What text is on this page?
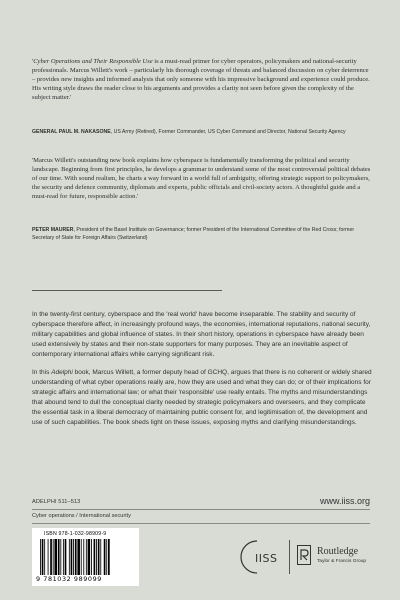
'Cyber Operations and Their Responsible Use is a must-read primer for cyber operators, policymakers and national-security professionals. Marcus Willett's work – particularly his thorough coverage of threats and balanced discussion on cyber deterrence – provides new insights and informed analysis that only someone with his impressive background and experience could produce. His writing style draws the reader close to his arguments and provides a clarity not seen before given the complexity of the subject matter.'

GENERAL PAUL M. NAKASONE, US Army (Retired), Former Commander, US Cyber Command and Director, National Security Agency

'Marcus Willett's outstanding new book explains how cyberspace is fundamentally transforming the political and security landscape. Beginning from first principles, he develops a grammar to understand some of the most controversial political debates of our time. With sound realism, he charts a way forward in a world full of ambiguity, offering strategic support to policymakers, the security and defence community, diplomats and experts, public officials and civil-society actors. A thoughtful guide and a must-read for future, responsible action.'

PETER MAURER, President of the Basel Institute on Governance; former President of the International Committee of the Red Cross; former Secretary of State for Foreign Affairs (Switzerland)

In the twenty-first century, cyberspace and the 'real world' have become inseparable. The stability and security of cyberspace therefore affect, in increasingly profound ways, the economies, international reputations, national security, military capabilities and global influence of states. In their short history, operations in cyberspace have already been used extensively by states and their non-state supporters for many purposes. They are an inevitable aspect of contemporary international affairs while carrying significant risk.

In this Adelphi book, Marcus Willett, a former deputy head of GCHQ, argues that there is no coherent or widely shared understanding of what cyber operations really are, how they are used and what they can do; or of their implications for strategic affairs and international law; or what their 'responsible' use really entails. The myths and misunderstandings that abound tend to dull the conceptual clarity needed by strategic policymakers and overseers, and they complicate the essential task in a liberal democracy of maintaining public consent for, and legitimisation of, the development and use of such capabilities. The book sheds light on these issues, exposing myths and clarifying misunderstandings.

ADELPHI 511–513	www.iiss.org
Cyber operations / International security
ISBN 978-1-032-98909-9
9 781032 989099
IISS
Routledge
Taylor & Francis Group
